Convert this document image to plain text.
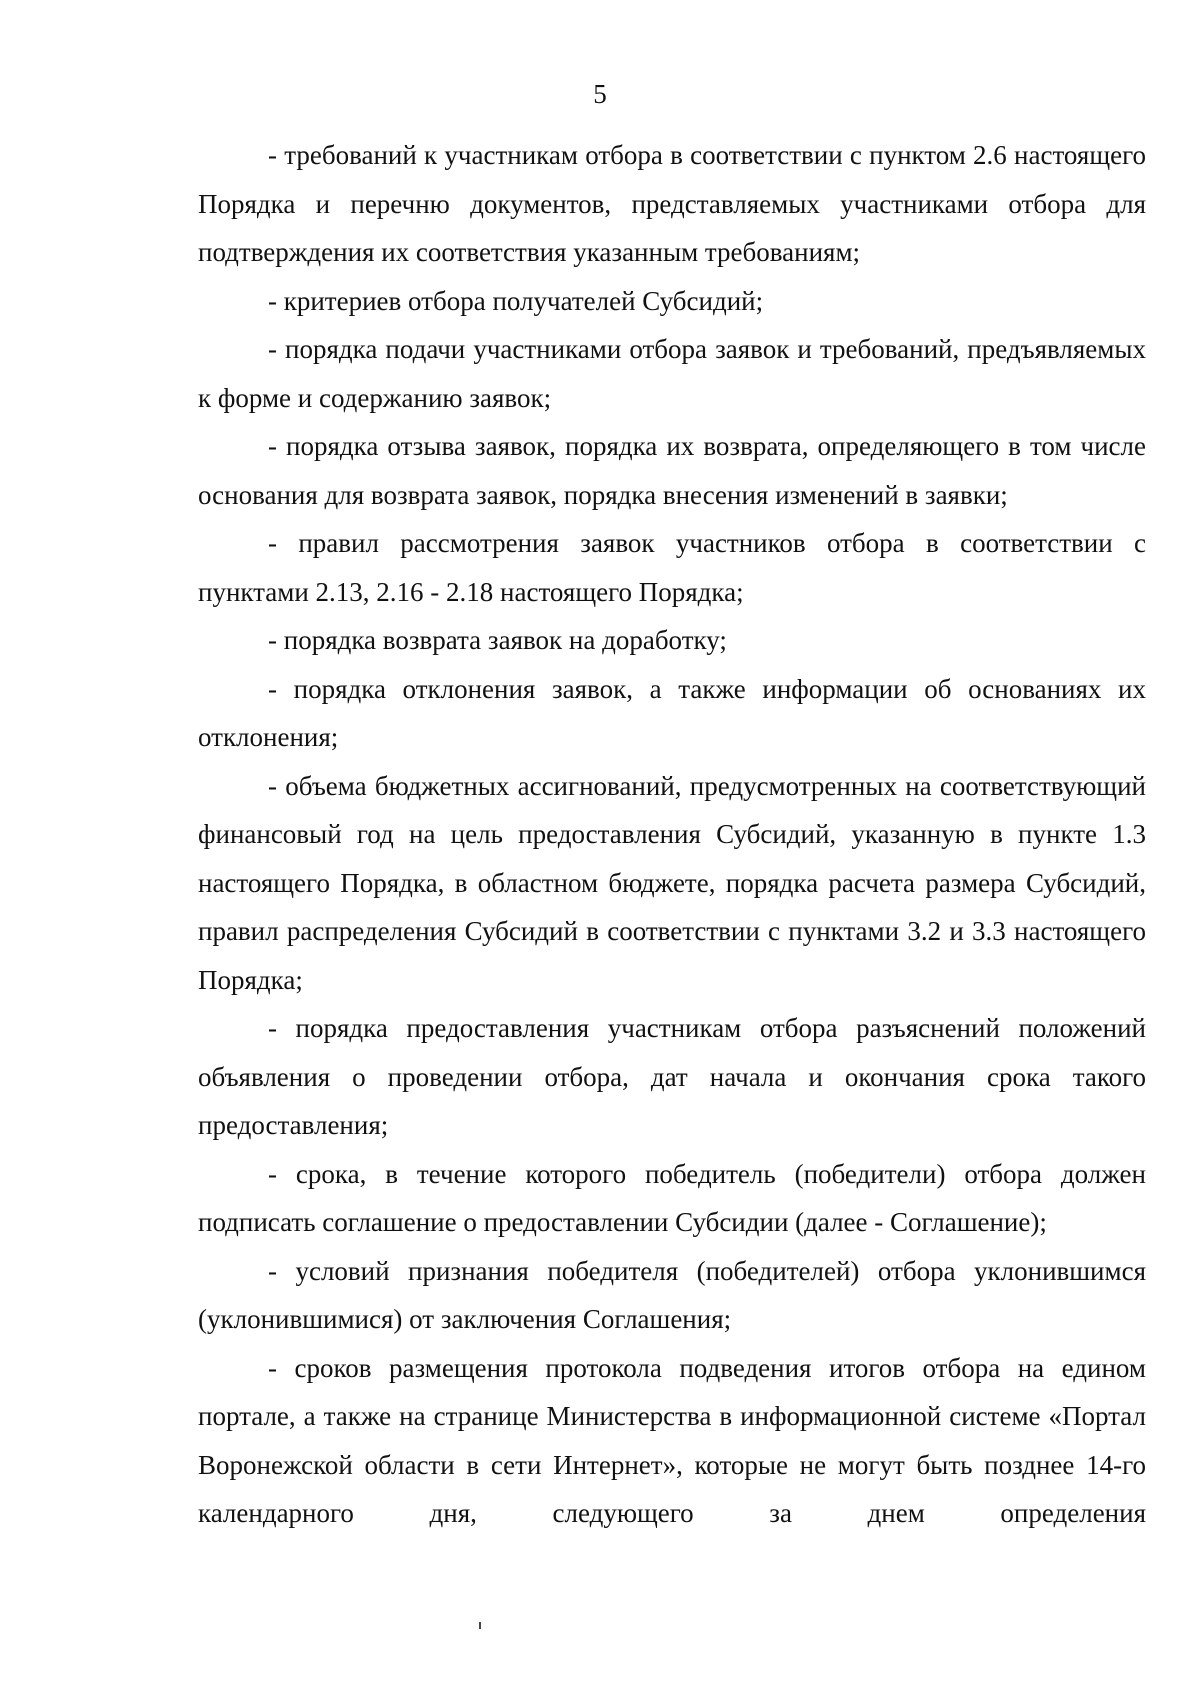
5

- требований к участникам отбора в соответствии с пунктом 2.6 настоящего Порядка и перечню документов, представляемых участниками отбора для подтверждения их соответствия указанным требованиям;

- критериев отбора получателей Субсидий;

- порядка подачи участниками отбора заявок и требований, предъявляемых к форме и содержанию заявок;

- порядка отзыва заявок, порядка их возврата, определяющего в том числе основания для возврата заявок, порядка внесения изменений в заявки;

- правил рассмотрения заявок участников отбора в соответствии с пунктами 2.13, 2.16 - 2.18 настоящего Порядка;

- порядка возврата заявок на доработку;

- порядка отклонения заявок, а также информации об основаниях их отклонения;

- объема бюджетных ассигнований, предусмотренных на соответствующий финансовый год на цель предоставления Субсидий, указанную в пункте 1.3 настоящего Порядка, в областном бюджете, порядка расчета размера Субсидий, правил распределения Субсидий в соответствии с пунктами 3.2 и 3.3 настоящего Порядка;

- порядка предоставления участникам отбора разъяснений положений объявления о проведении отбора, дат начала и окончания срока такого предоставления;

- срока, в течение которого победитель (победители) отбора должен подписать соглашение о предоставлении Субсидии (далее - Соглашение);

- условий признания победителя (победителей) отбора уклонившимся (уклонившимися) от заключения Соглашения;

- сроков размещения протокола подведения итогов отбора на едином портале, а также на странице Министерства в информационной системе «Портал Воронежской области в сети Интернет», которые не могут быть позднее 14-го календарного дня, следующего за днем определения
